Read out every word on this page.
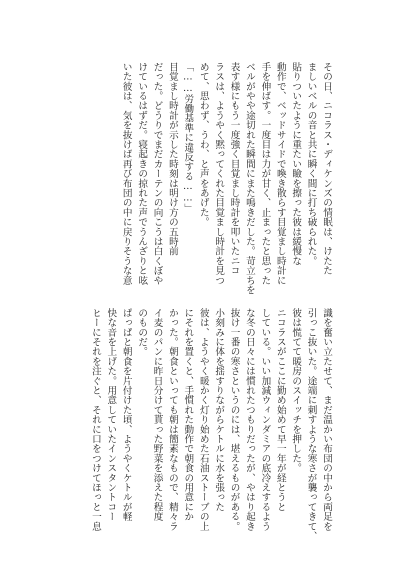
その日、ニコラス・ディケンズの情眠は、けたた
ましいベルの音と共に瞬く間に打ち破られた。
貼りついたように重たい瞼を擦った彼は緩慢な
動作で、ベッドサイドで喚き散らす目覚まし時計に
手を伸ばす。一度目は力が甘く、止まったと思った
ベルがやや途切れた瞬間にまた鳴きだした。苛立ちを
表す様にもう一度強く目覚まし時計を叩いたニコ
ラスは、ようやく黙ってくれた目覚まし時計を見つ
めて、思わず、うわ、と声をあげた。
「……労働基準に違反する……」
目覚まし時計が示した時刻は明け方の五時前
だった。どうりでまだカーテンの向こうは白くぼや
けているはずだ。寝起きの掠れた声でうんざりと呟
いた彼は、気を抜けば再び布団の中に戻りそうな意
識を奮い立たせて、まだ温かい布団の中から両足を
引っこ抜いた。途端に刺すような寒さが襲ってきて、
彼は慌てて暖房のスイッチを押した。
ニコラスがここに勤め始めて早一年が経とうと
している。いい加減ウィンダミアの底冷えするよう
な冬の日々には慣れたつもりだったが、やはり起き
抜け一番の寒さというのには、堪えるものがある。
小刻みに体を揺すりながらケトルに水を張った
彼は、ようやく暖かく灯り始めた石油ストーブの上
にそれを置くと、手慣れた動作で朝食の用意にか
かった。朝食といっても朝は簡素なもので、精々ラ
イ麦のパンに昨日分けて貰った野菜を添えた程度
のものだ。
ぱっぱと朝食を片付けた頃、ようやくケトルが軽
快な音を上げた。用意していたインスタントコー
ヒーにそれを注ぐと、それに口をつけてほっと一息
